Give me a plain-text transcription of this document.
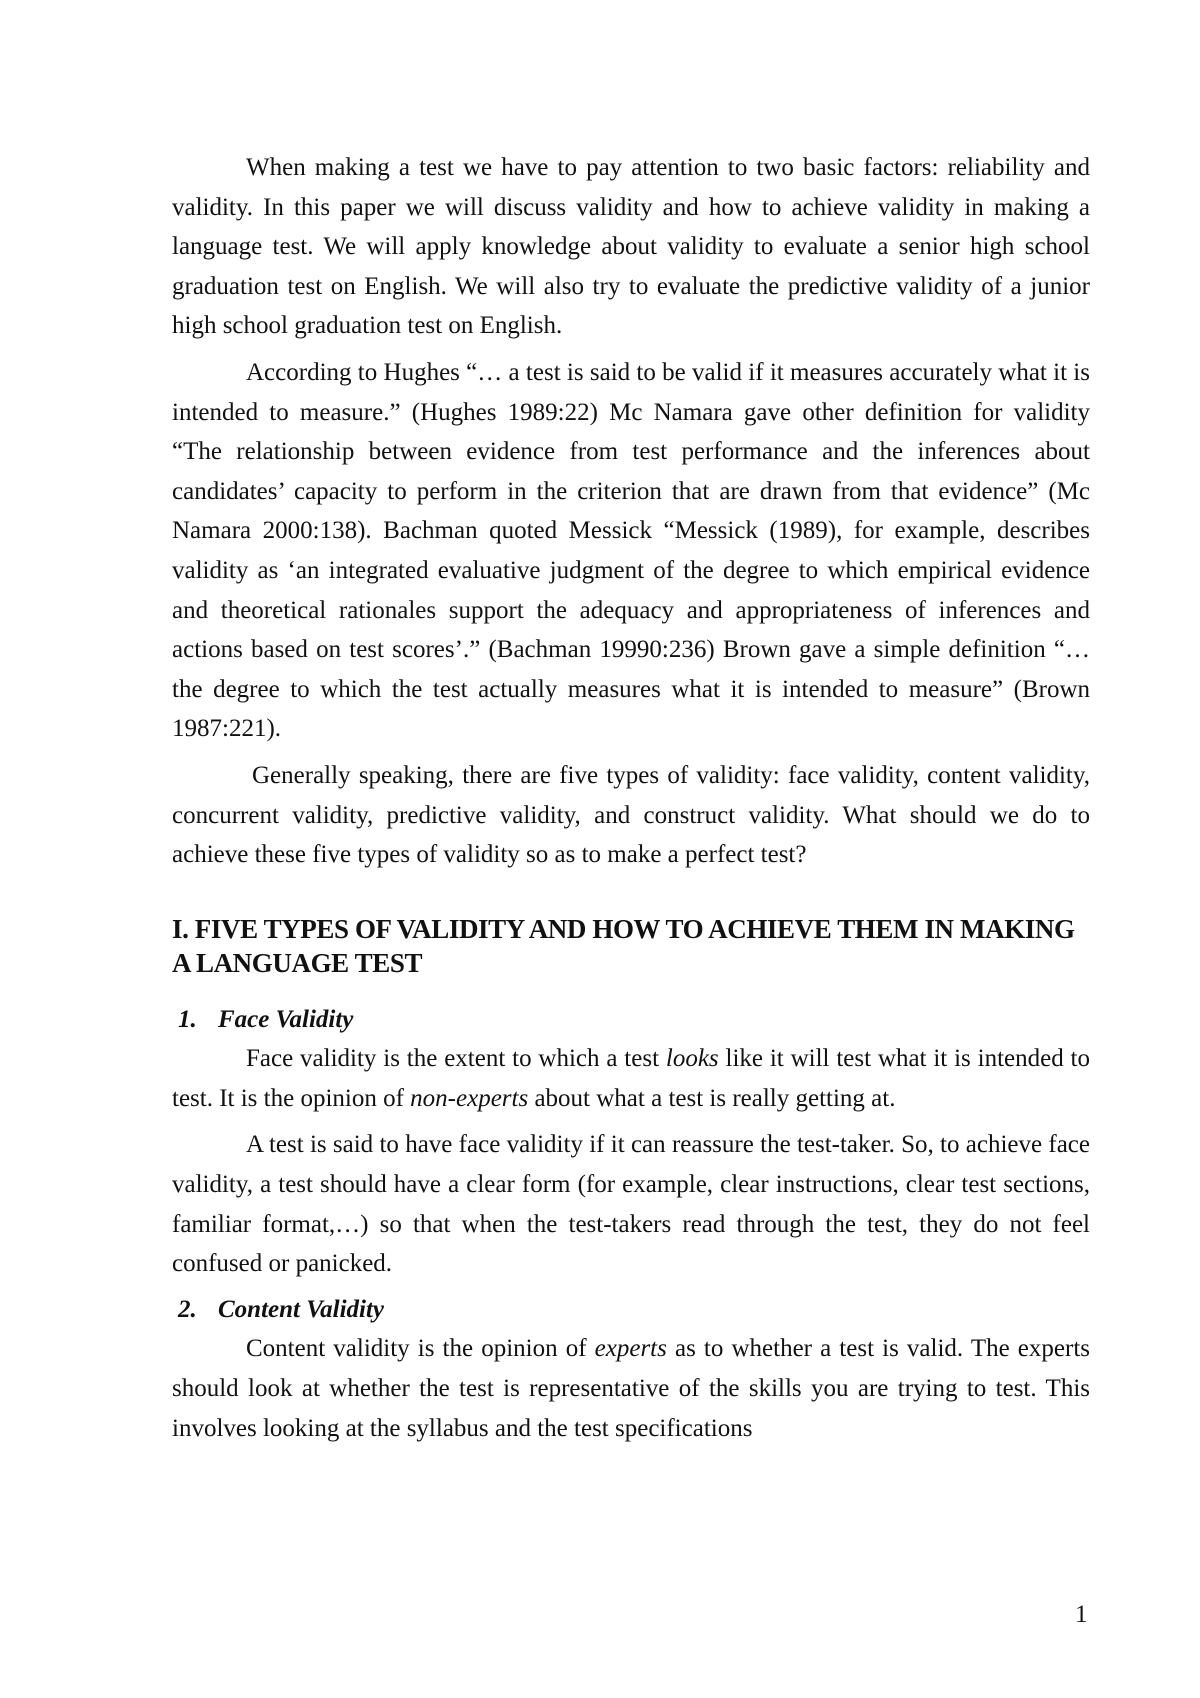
When making a test we have to pay attention to two basic factors: reliability and validity. In this paper we will discuss validity and how to achieve validity in making a language test. We will apply knowledge about validity to evaluate a senior high school graduation test on English. We will also try to evaluate the predictive validity of a junior high school graduation test on English.

According to Hughes “… a test is said to be valid if it measures accurately what it is intended to measure.” (Hughes 1989:22) Mc Namara gave other definition for validity “The relationship between evidence from test performance and the inferences about candidates’ capacity to perform in the criterion that are drawn from that evidence” (Mc Namara 2000:138). Bachman quoted Messick “Messick (1989), for example, describes validity as ‘an integrated evaluative judgment of the degree to which empirical evidence and theoretical rationales support the adequacy and appropriateness of inferences and actions based on test scores’.” (Bachman 19990:236) Brown gave a simple definition “… the degree to which the test actually measures what it is intended to measure” (Brown 1987:221).

Generally speaking, there are five types of validity: face validity, content validity, concurrent validity, predictive validity, and construct validity. What should we do to achieve these five types of validity so as to make a perfect test?

I. FIVE TYPES OF VALIDITY AND HOW TO ACHIEVE THEM IN MAKING A LANGUAGE TEST
1. Face Validity

Face validity is the extent to which a test looks like it will test what it is intended to test. It is the opinion of non-experts about what a test is really getting at.

A test is said to have face validity if it can reassure the test-taker. So, to achieve face validity, a test should have a clear form (for example, clear instructions, clear test sections, familiar format,…) so that when the test-takers read through the test, they do not feel confused or panicked.

2. Content Validity

Content validity is the opinion of experts as to whether a test is valid. The experts should look at whether the test is representative of the skills you are trying to test. This involves looking at the syllabus and the test specifications

1
